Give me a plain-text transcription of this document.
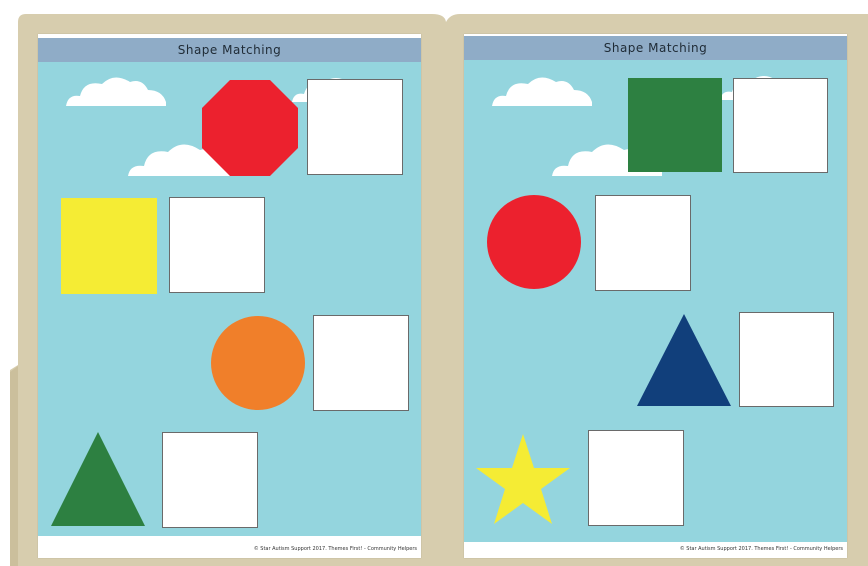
Shape Matching
© Star Autism Support 2017. Themes First! - Community Helpers
Shape Matching
© Star Autism Support 2017. Themes First! - Community Helpers
